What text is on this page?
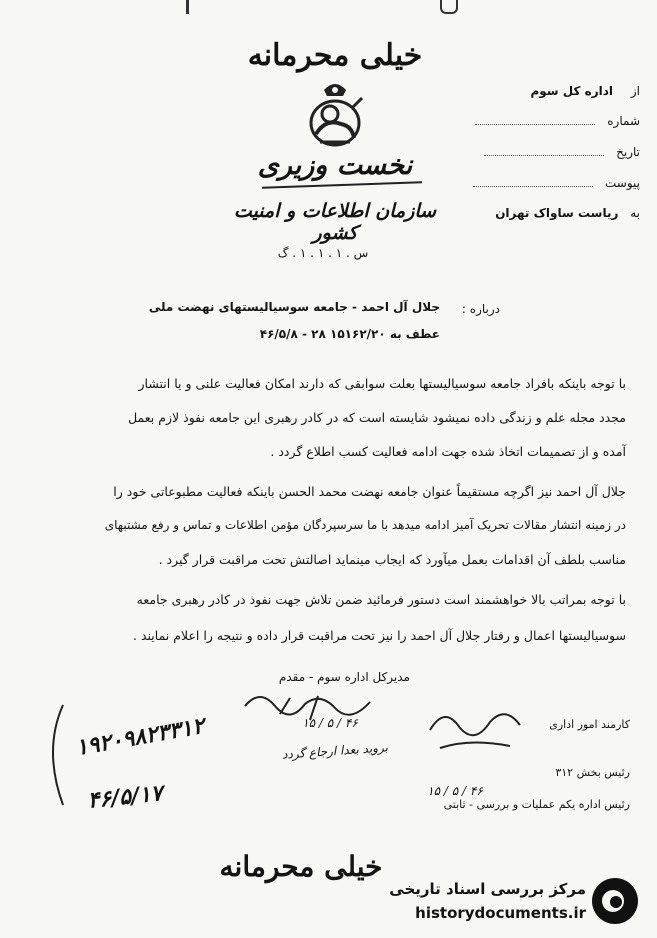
خیلی محرمانه
نخست وزیری
سازمان اطلاعات و امنیت کشور
س . ۱ . ۱ . ۱ . گ
از اداره کل سوم
شماره
تاریخ
پیوست
به ریاست ساواک تهران
درباره :
جلال آل احمد - جامعه سوسیالیستهای نهضت ملی
عطف به ۱۵۱۶۲/۲۰ ۲۸ - ۴۶/۵/۸
با توجه باینکه بافراد جامعه سوسیالیستها بعلت سوابقی که دارند امکان فعالیت علنی و یا انتشار
مجدد مجله علم و زندگی داده نمیشود شایسته است که در کادر رهبری این جامعه نفوذ لازم بعمل
آمده و از تصمیمات اتخاذ شده جهت ادامه فعالیت کسب اطلاع گردد .
جلال آل احمد نیز اگرچه مستقیماً عنوان جامعه نهضت محمد الحسن باینکه فعالیت مطبوعاتی خود را
در زمینه انتشار مقالات تحریک آمیز ادامه میدهد با ما سرسپردگان مؤمن اطلاعات و تماس و رفع مشتبهای
مناسب بلطف آن اقدامات بعمل میآورد که ایجاب مینماید اصالتش تحت مراقبت قرار گیرد .
با توجه بمراتب بالا خواهشمند است دستور فرمائید ضمن تلاش جهت نفوذ در کادر رهبری جامعه
سوسیالیستها اعمال و رفتار جلال آل احمد را نیز تحت مراقبت قرار داده و نتیجه را اعلام نمایند .
مدیرکل اداره سوم - مقدم
۱۵ / ۵ / ۴۶	کارمند امور اداری
بروید بعدا ارجاع گردد
رئیس بخش ۳۱۲
۱۵ / ۵ / ۴۶
رئیس اداره یکم عملیات و بررسی - ثابتی
۱۹۲۰۹۸۲۳۳۱۲
۴۶/۵/۱۷
خیلی محرمانه
مرکز بررسی اسناد تاریخی
historydocuments.ir
